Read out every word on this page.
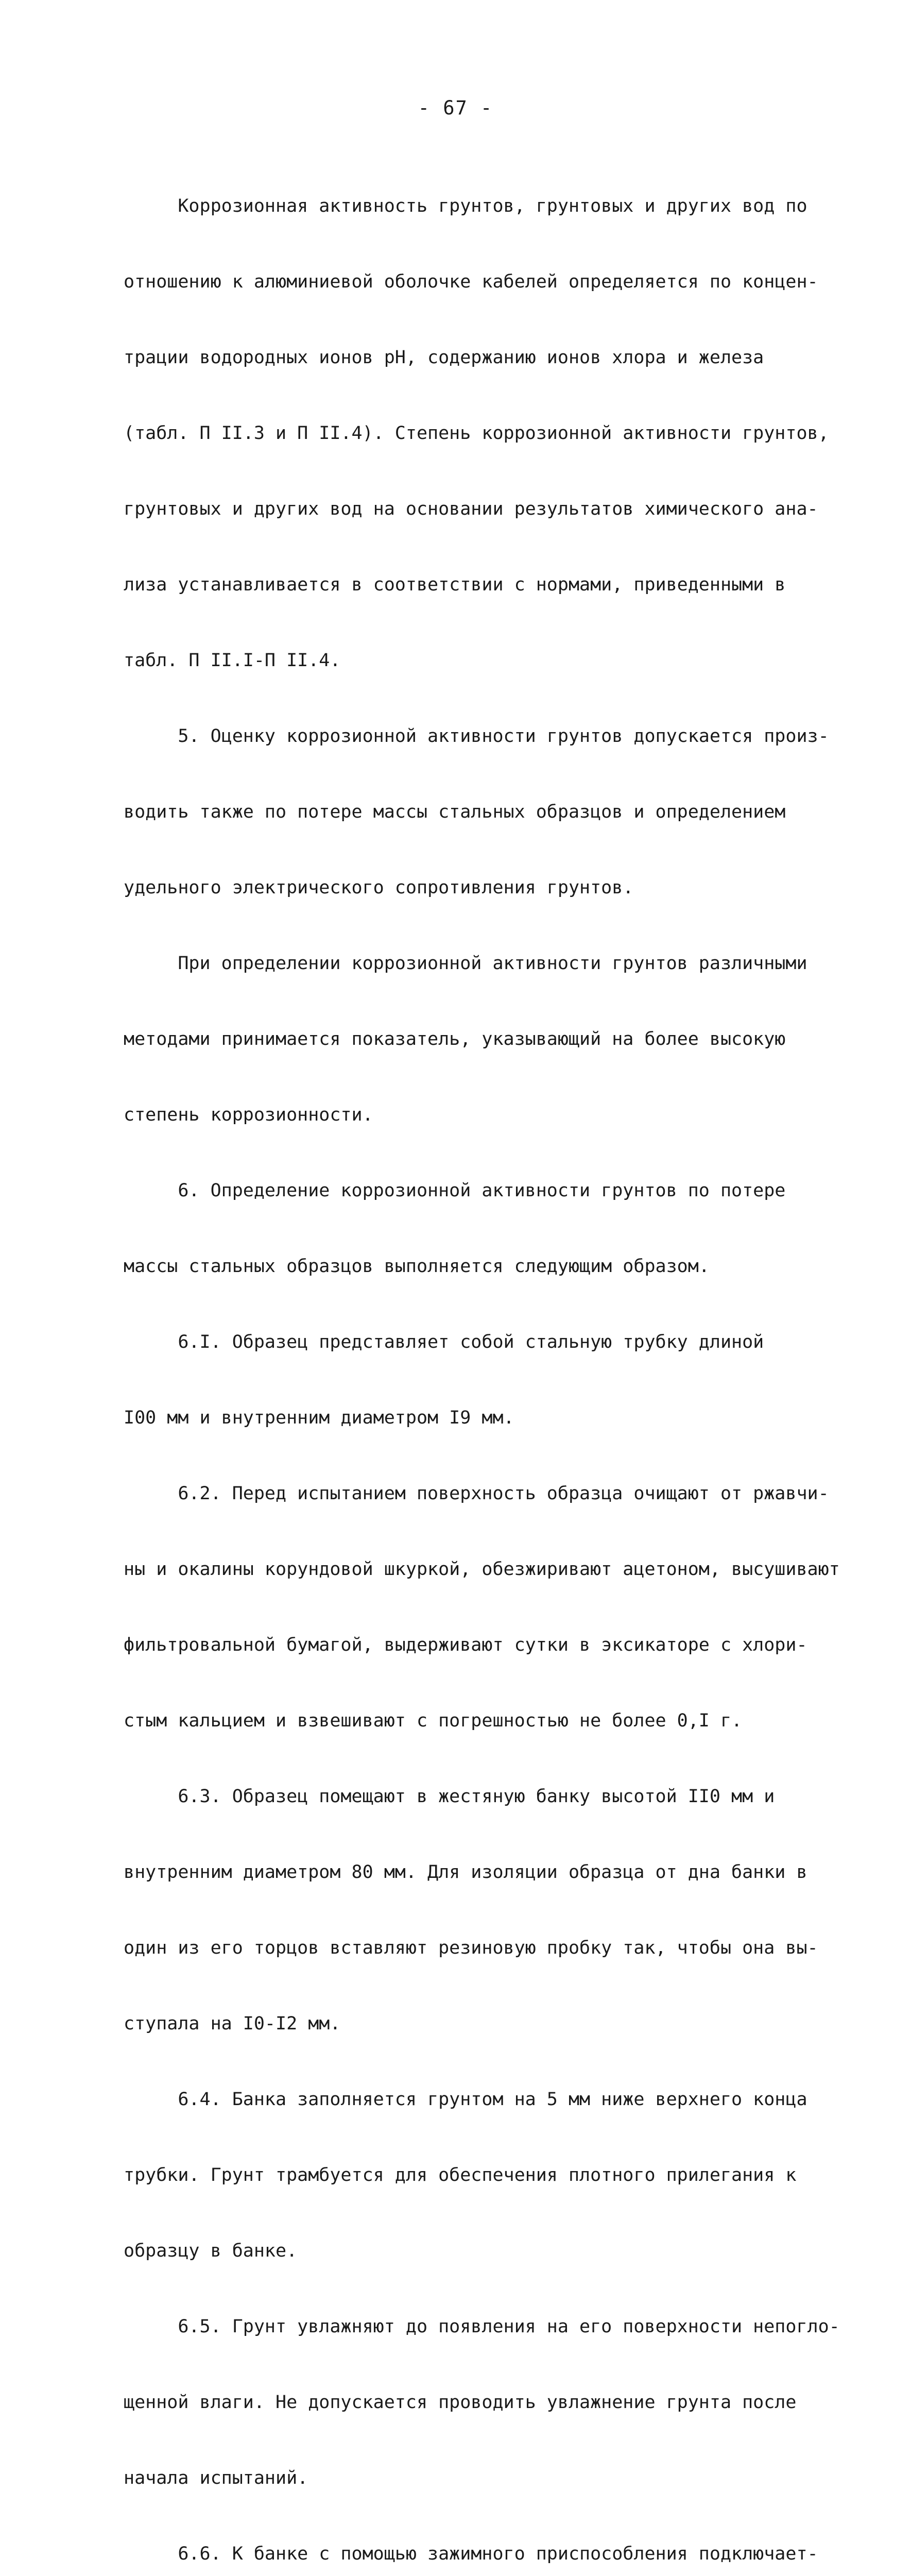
- 67 -

Коррозионная активность грунтов, грунтовых и других вод по

отношению к алюминиевой оболочке кабелей определяется по концен-

трации водородных ионов pH, содержанию ионов хлора и железа

(табл. П II.3 и П II.4). Степень коррозионной активности грунтов,

грунтовых и других вод на основании результатов химического ана-

лиза устанавливается в соответствии с нормами, приведенными в

табл. П II.I-П II.4.

5. Оценку коррозионной активности грунтов допускается произ-

водить также по потере массы стальных образцов и определением

удельного электрического сопротивления грунтов.

При определении коррозионной активности грунтов различными

методами принимается показатель, указывающий на более высокую

степень коррозионности.

6. Определение коррозионной активности грунтов по потере

массы стальных образцов выполняется следующим образом.

6.I. Образец представляет собой стальную трубку длиной

I00 мм и внутренним диаметром I9 мм.

6.2. Перед испытанием поверхность образца очищают от ржавчи-

ны и окалины корундовой шкуркой, обезжиривают ацетоном, высушивают

фильтровальной бумагой, выдерживают сутки в эксикаторе с хлори-

стым кальцием и взвешивают с погрешностью не более 0,I г.

6.3. Образец помещают в жестяную банку высотой II0 мм и

внутренним диаметром 80 мм. Для изоляции образца от дна банки в

один из его торцов вставляют резиновую пробку так, чтобы она вы-

ступала на I0-I2 мм.

6.4. Банка заполняется грунтом на 5 мм ниже верхнего конца

трубки. Грунт трамбуется для обеспечения плотного прилегания к

образцу в банке.

6.5. Грунт увлажняют до появления на его поверхности непогло-

щенной влаги. Не допускается проводить увлажнение грунта после

начала испытаний.

6.6. К банке с помощью зажимного приспособления подключает-
